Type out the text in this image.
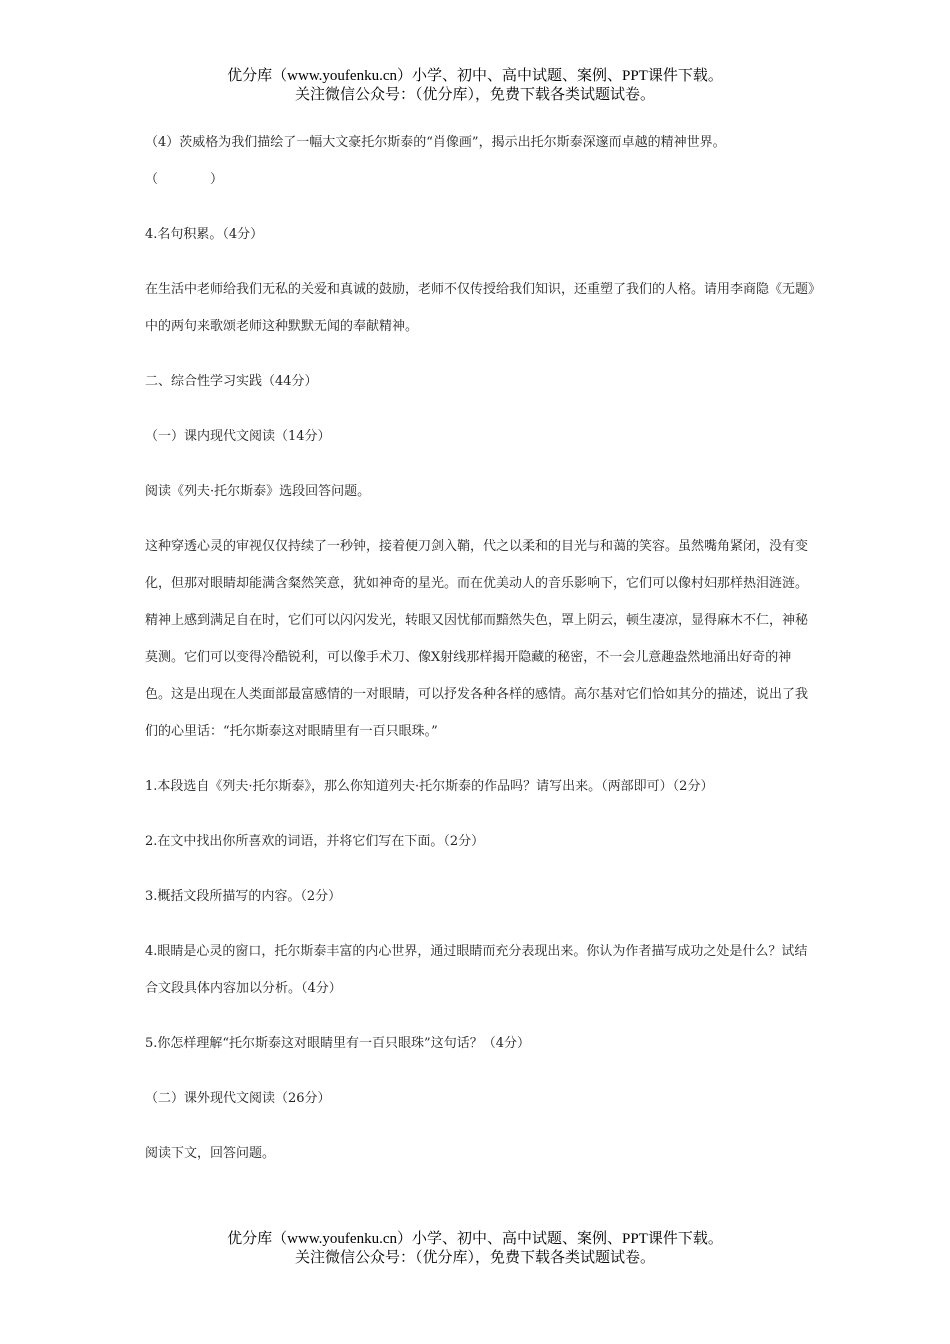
优分库（www.youfenku.cn）小学、初中、高中试题、案例、PPT课件下载。
关注微信公众号：（优分库），免费下载各类试题试卷。

（4）茨威格为我们描绘了一幅大文豪托尔斯泰的“肖像画”，揭示出托尔斯泰深邃而卓越的精神世界。

（　　　　）

4.名句积累。（4分）

在生活中老师给我们无私的关爱和真诚的鼓励，老师不仅传授给我们知识，还重塑了我们的人格。请用李商隐《无题》中的两句来歌颂老师这种默默无闻的奉献精神。

二、综合性学习实践（44分）

（一）课内现代文阅读（14分）

阅读《列夫·托尔斯泰》选段回答问题。

这种穿透心灵的审视仅仅持续了一秒钟，接着便刀剑入鞘，代之以柔和的目光与和蔼的笑容。虽然嘴角紧闭，没有变化，但那对眼睛却能满含粲然笑意，犹如神奇的星光。而在优美动人的音乐影响下，它们可以像村妇那样热泪涟涟。精神上感到满足自在时，它们可以闪闪发光，转眼又因忧郁而黯然失色，罩上阴云，顿生凄凉，显得麻木不仁，神秘莫测。它们可以变得冷酷锐利，可以像手术刀、像X射线那样揭开隐藏的秘密，不一会儿意趣盎然地涌出好奇的神色。这是出现在人类面部最富感情的一对眼睛，可以抒发各种各样的感情。高尔基对它们恰如其分的描述，说出了我们的心里话：“托尔斯泰这对眼睛里有一百只眼珠。”

1.本段选自《列夫·托尔斯泰》，那么你知道列夫·托尔斯泰的作品吗？请写出来。（两部即可）（2分）

2.在文中找出你所喜欢的词语，并将它们写在下面。（2分）

3.概括文段所描写的内容。（2分）

4.眼睛是心灵的窗口，托尔斯泰丰富的内心世界，通过眼睛而充分表现出来。你认为作者描写成功之处是什么？试结合文段具体内容加以分析。（4分）

5.你怎样理解“托尔斯泰这对眼睛里有一百只眼珠”这句话？（4分）

（二）课外现代文阅读（26分）

阅读下文，回答问题。

优分库（www.youfenku.cn）小学、初中、高中试题、案例、PPT课件下载。
关注微信公众号：（优分库），免费下载各类试题试卷。
